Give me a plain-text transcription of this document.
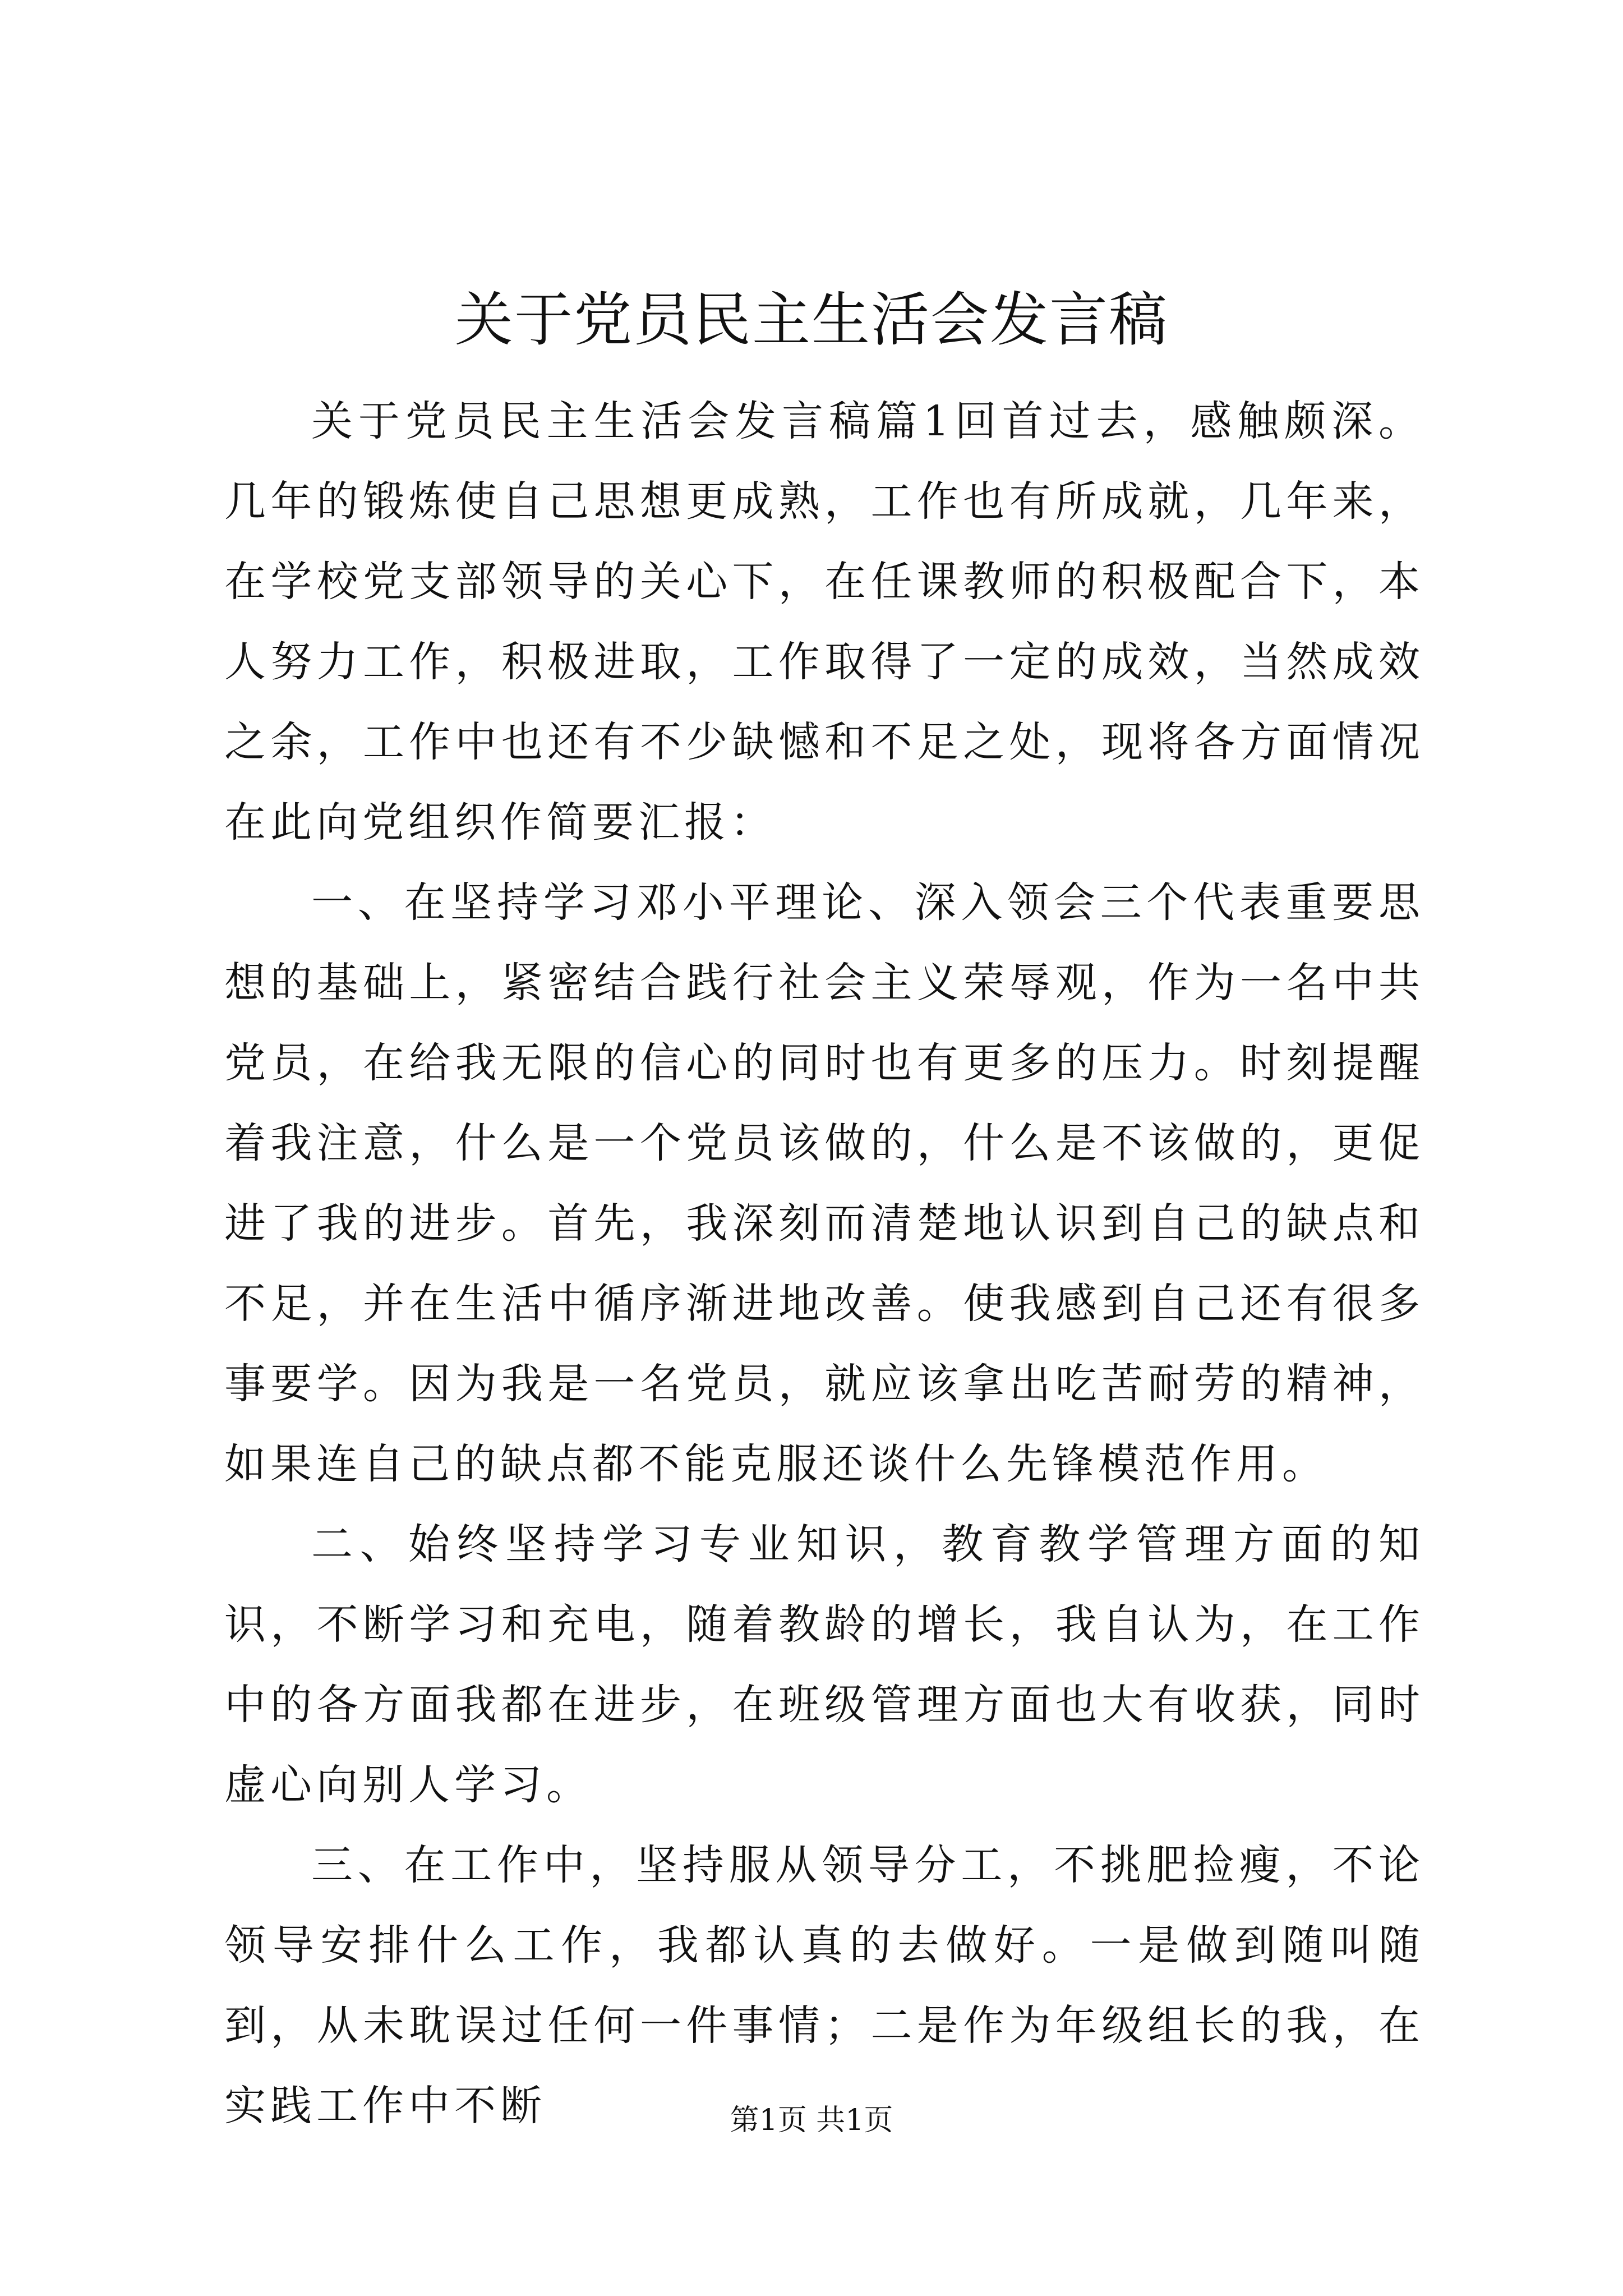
关于党员民主生活会发言稿

关于党员民主生活会发言稿篇1回首过去，感触颇深。几年的锻炼使自己思想更成熟，工作也有所成就，几年来，在学校党支部领导的关心下，在任课教师的积极配合下，本人努力工作，积极进取，工作取得了一定的成效，当然成效之余，工作中也还有不少缺憾和不足之处，现将各方面情况在此向党组织作简要汇报：

一、在坚持学习邓小平理论、深入领会三个代表重要思想的基础上，紧密结合践行社会主义荣辱观，作为一名中共党员，在给我无限的信心的同时也有更多的压力。时刻提醒着我注意，什么是一个党员该做的，什么是不该做的，更促进了我的进步。首先，我深刻而清楚地认识到自己的缺点和不足，并在生活中循序渐进地改善。使我感到自己还有很多事要学。因为我是一名党员，就应该拿出吃苦耐劳的精神，如果连自己的缺点都不能克服还谈什么先锋模范作用。

二、始终坚持学习专业知识，教育教学管理方面的知识，不断学习和充电，随着教龄的增长，我自认为，在工作中的各方面我都在进步，在班级管理方面也大有收获，同时虚心向别人学习。

三、在工作中，坚持服从领导分工，不挑肥捡瘦，不论领导安排什么工作，我都认真的去做好。一是做到随叫随到，从未耽误过任何一件事情；二是作为年级组长的我，在实践工作中不断	第1页 共1页
